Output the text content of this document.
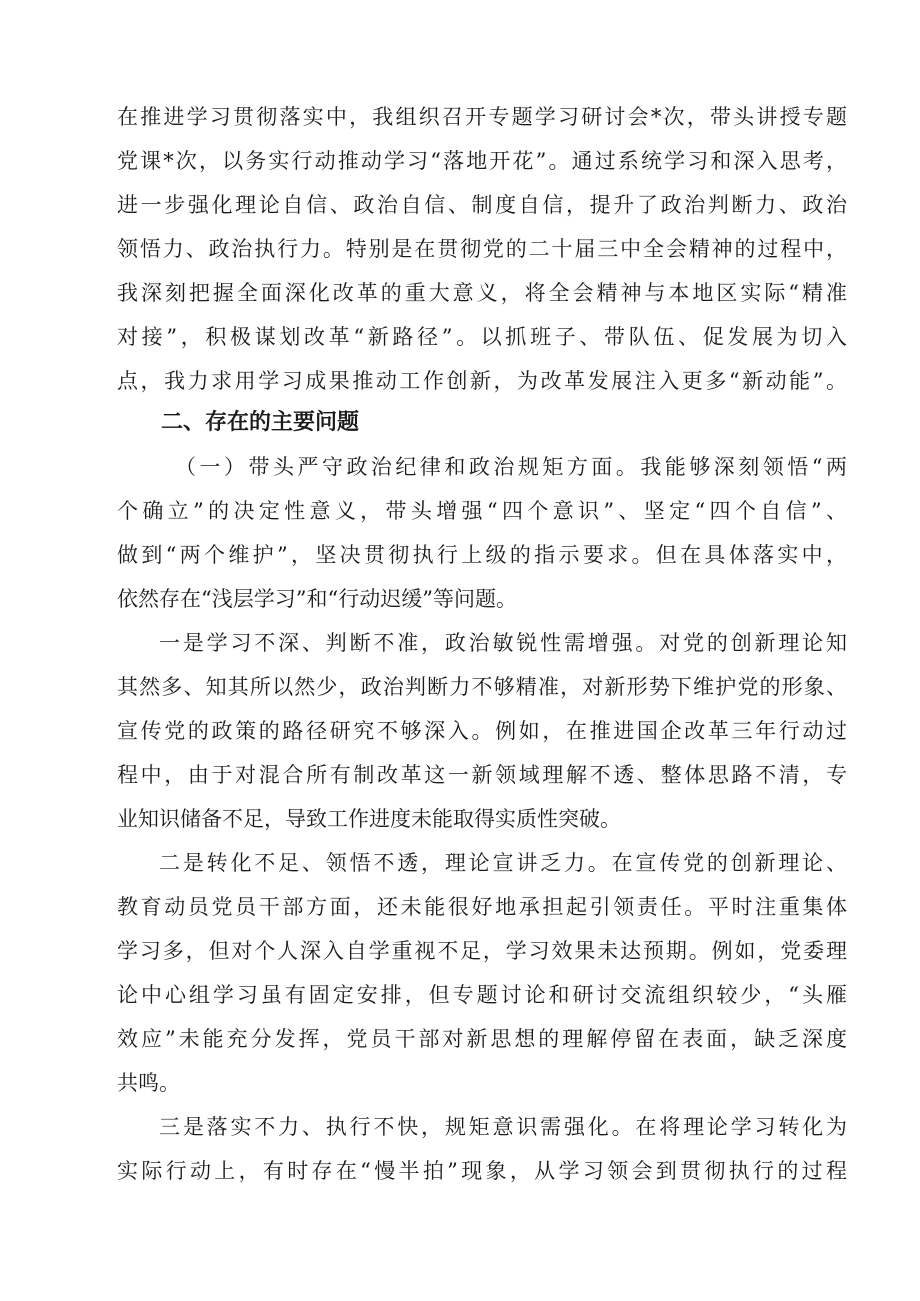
在推进学习贯彻落实中，我组织召开专题学习研讨会*次，带头讲授专题
党课*次，以务实行动推动学习“落地开花”。通过系统学习和深入思考，
进一步强化理论自信、政治自信、制度自信，提升了政治判断力、政治
领悟力、政治执行力。特别是在贯彻党的二十届三中全会精神的过程中，
我深刻把握全面深化改革的重大意义，将全会精神与本地区实际“精准
对接”，积极谋划改革“新路径”。以抓班子、带队伍、促发展为切入
点，我力求用学习成果推动工作创新，为改革发展注入更多“新动能”。
二、存在的主要问题
（一）带头严守政治纪律和政治规矩方面。我能够深刻领悟“两
个确立”的决定性意义，带头增强“四个意识”、坚定“四个自信”、
做到“两个维护”，坚决贯彻执行上级的指示要求。但在具体落实中，
依然存在“浅层学习”和“行动迟缓”等问题。
一是学习不深、判断不准，政治敏锐性需增强。对党的创新理论知
其然多、知其所以然少，政治判断力不够精准，对新形势下维护党的形象、
宣传党的政策的路径研究不够深入。例如，在推进国企改革三年行动过
程中，由于对混合所有制改革这一新领域理解不透、整体思路不清，专
业知识储备不足，导致工作进度未能取得实质性突破。
二是转化不足、领悟不透，理论宣讲乏力。在宣传党的创新理论、
教育动员党员干部方面，还未能很好地承担起引领责任。平时注重集体
学习多，但对个人深入自学重视不足，学习效果未达预期。例如，党委理
论中心组学习虽有固定安排，但专题讨论和研讨交流组织较少，“头雁
效应”未能充分发挥，党员干部对新思想的理解停留在表面，缺乏深度
共鸣。
三是落实不力、执行不快，规矩意识需强化。在将理论学习转化为
实际行动上，有时存在“慢半拍”现象，从学习领会到贯彻执行的过程
